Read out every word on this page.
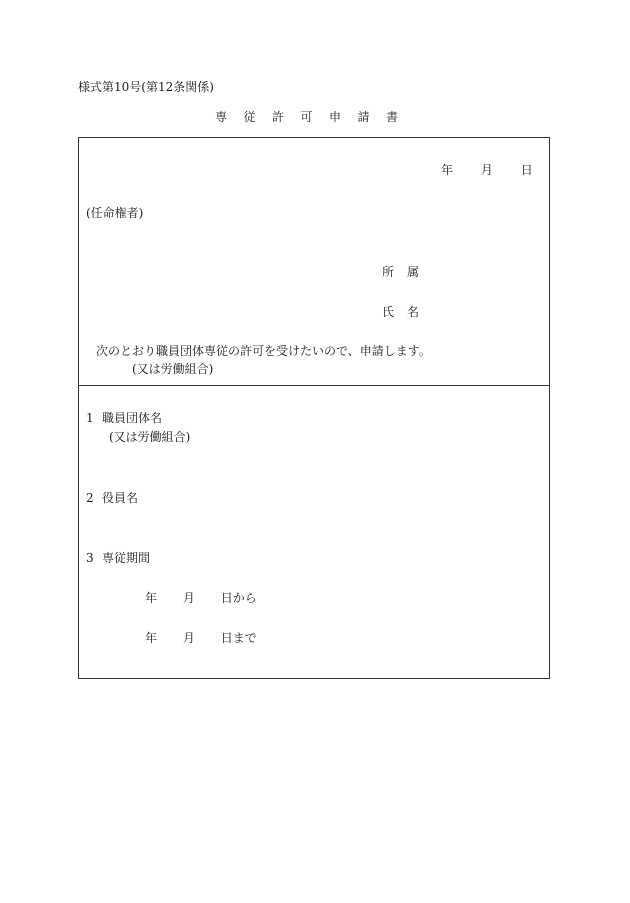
様式第10号(第12条関係)
専従許可申請書
年 月 日
(任命権者)
所属
氏名
次のとおり職員団体専従の許可を受けたいので、申請します。
(又は労働組合)
1 職員団体名
(又は労働組合)
2 役員名
3 専従期間
年 月 日から
年 月 日まで
